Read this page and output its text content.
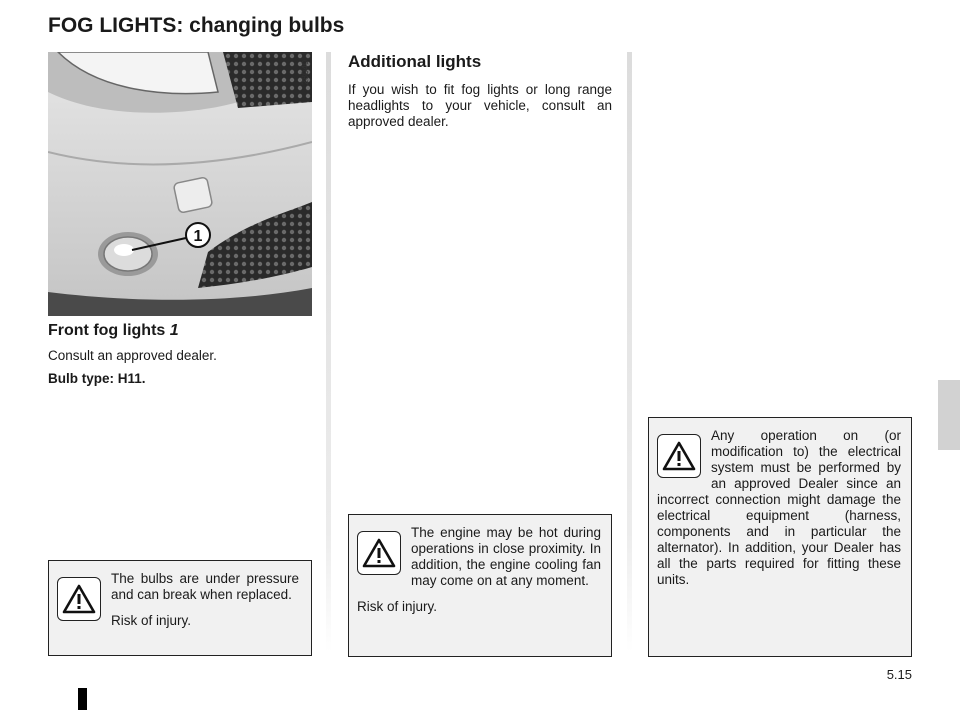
FOG LIGHTS: changing bulbs
1
28040
Front fog lights 1

Consult an approved dealer.

Bulb type: H11.

Additional lights

If you wish to fit fog lights or long range headlights to your vehicle, consult an approved dealer.

The bulbs are under pressure and can break when replaced.

Risk of injury.

The engine may be hot during operations in close proximity. In addition, the engine cooling fan may come on at any moment.

Risk of injury.

Any operation on (or modification to) the electrical system must be performed by an approved Dealer since an incorrect connection might damage the electrical equipment (harness, components and in particular the alternator). In addition, your Dealer has all the parts required for fitting these units.

5.15
